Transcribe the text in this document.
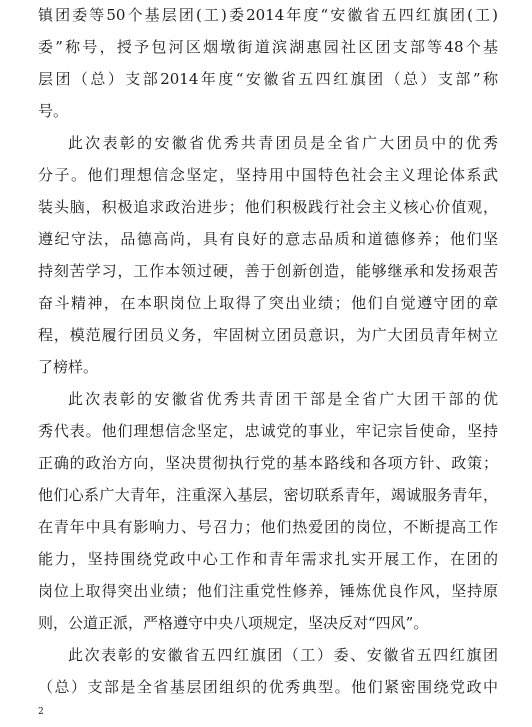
镇团委等50个基层团(工)委2014年度“安徽省五四红旗团(工)
委”称号，授予包河区烟墩街道滨湖惠园社区团支部等48个基
层团（总）支部2014年度“安徽省五四红旗团（总）支部”称
号。
此次表彰的安徽省优秀共青团员是全省广大团员中的优秀
分子。他们理想信念坚定，坚持用中国特色社会主义理论体系武
装头脑，积极追求政治进步；他们积极践行社会主义核心价值观，
遵纪守法，品德高尚，具有良好的意志品质和道德修养；他们坚
持刻苦学习，工作本领过硬，善于创新创造，能够继承和发扬艰苦
奋斗精神，在本职岗位上取得了突出业绩；他们自觉遵守团的章
程，模范履行团员义务，牢固树立团员意识，为广大团员青年树立
了榜样。
此次表彰的安徽省优秀共青团干部是全省广大团干部的优
秀代表。他们理想信念坚定，忠诚党的事业，牢记宗旨使命，坚持
正确的政治方向，坚决贯彻执行党的基本路线和各项方针、政策；
他们心系广大青年，注重深入基层，密切联系青年，竭诚服务青年，
在青年中具有影响力、号召力；他们热爱团的岗位，不断提高工作
能力，坚持围绕党政中心工作和青年需求扎实开展工作，在团的
岗位上取得突出业绩；他们注重党性修养，锤炼优良作风，坚持原
则，公道正派，严格遵守中央八项规定，坚决反对“四风”。
此次表彰的安徽省五四红旗团（工）委、安徽省五四红旗团
（总）支部是全省基层团组织的优秀典型。他们紧密围绕党政中
2
